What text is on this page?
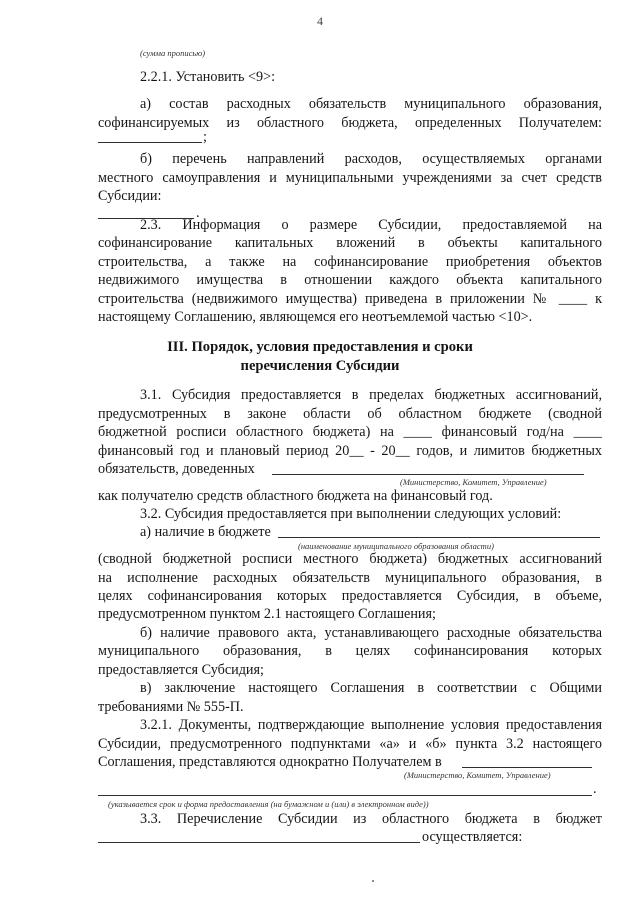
4
(сумма прописью)
2.2.1. Установить <9>:
а) состав расходных обязательств муниципального образования,
софинансируемых из областного бюджета, определенных Получателем:
;
б) перечень направлений расходов, осуществляемых органами
местного самоуправления и муниципальными учреждениями за счет средств
Субсидии:
.
2.3. Информация о размере Субсидии, предоставляемой на
софинансирование капитальных вложений в объекты капитального
строительства, а также на софинансирование приобретения объектов
недвижимого имущества в отношении каждого объекта капитального
строительства (недвижимого имущества) приведена в приложении № ____ к
настоящему Соглашению, являющемся его неотъемлемой частью <10>.
III. Порядок, условия предоставления и сроки
перечисления Субсидии
3.1. Субсидия предоставляется в пределах бюджетных ассигнований,
предусмотренных в законе области об областном бюджете (сводной
бюджетной росписи областного бюджета) на ____ финансовый год/на ____
финансовый год и плановый период 20__ - 20__ годов, и лимитов бюджетных
обязательств, доведенных
(Министерство, Комитет, Управление)
как получателю средств областного бюджета на финансовый год.
3.2. Субсидия предоставляется при выполнении следующих условий:
а) наличие в бюджете
(наименование муниципального образования области)
(сводной бюджетной росписи местного бюджета) бюджетных ассигнований
на исполнение расходных обязательств муниципального образования, в
целях софинансирования которых предоставляется Субсидия, в объеме,
предусмотренном пунктом 2.1 настоящего Соглашения;
б) наличие правового акта, устанавливающего расходные обязательства
муниципального образования, в целях софинансирования которых
предоставляется Субсидия;
в) заключение настоящего Соглашения в соответствии с Общими
требованиями № 555-П.
3.2.1. Документы, подтверждающие выполнение условия предоставления
Субсидии, предусмотренного подпунктами «а» и «б» пункта 3.2 настоящего
Соглашения, представляются однократно Получателем в
(Министерство, Комитет, Управление)
.
(указывается срок и форма предоставления (на бумажном и (или) в электронном виде))
3.3. Перечисление Субсидии из областного бюджета в бюджет
осуществляется:
